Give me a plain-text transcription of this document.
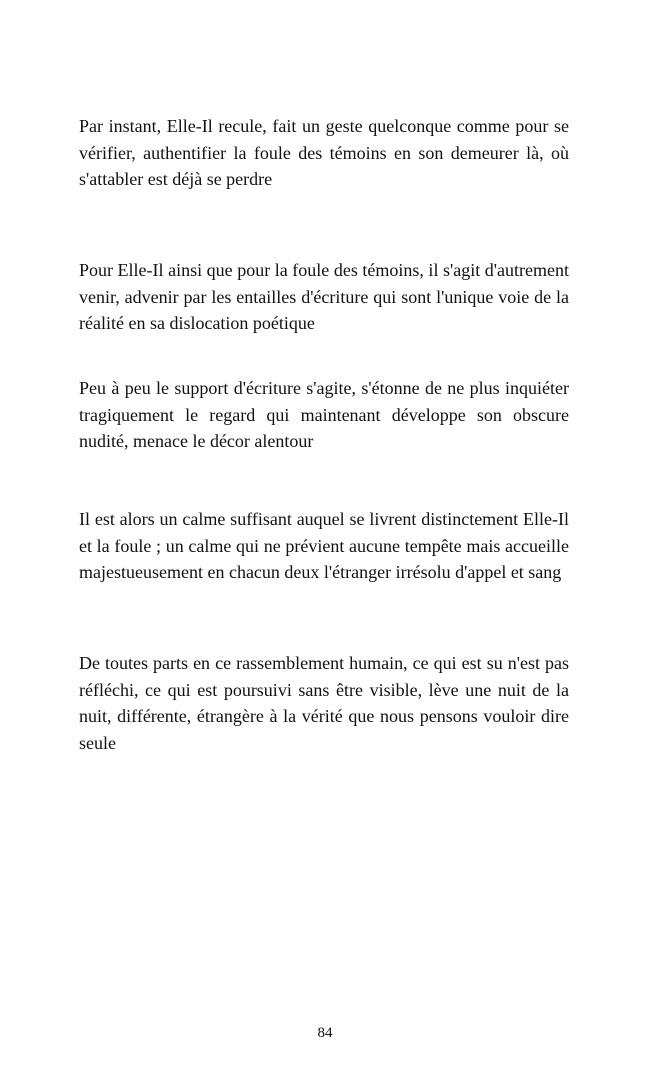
Par instant, Elle-Il recule, fait un geste quelconque comme pour se vérifier, authentifier la foule des témoins en son demeurer là, où s'attabler est déjà se perdre

Pour Elle-Il ainsi que pour la foule des témoins, il s'agit d'autrement venir, advenir par les entailles d'écriture qui sont l'unique voie de la réalité en sa dislocation poétique

Peu à peu le support d'écriture s'agite, s'étonne de ne plus inquiéter tragiquement le regard qui maintenant développe son obscure nudité, menace le décor alentour

Il est alors un calme suffisant auquel se livrent distinctement Elle-Il et la foule ; un calme qui ne prévient aucune tempête mais accueille majestueusement en chacun deux l'étranger irrésolu d'appel et sang

De toutes parts en ce rassemblement humain, ce qui est su n'est pas réfléchi, ce qui est poursuivi sans être visible, lève une nuit de la nuit, différente, étrangère à la vérité que nous pensons vouloir dire seule

84
